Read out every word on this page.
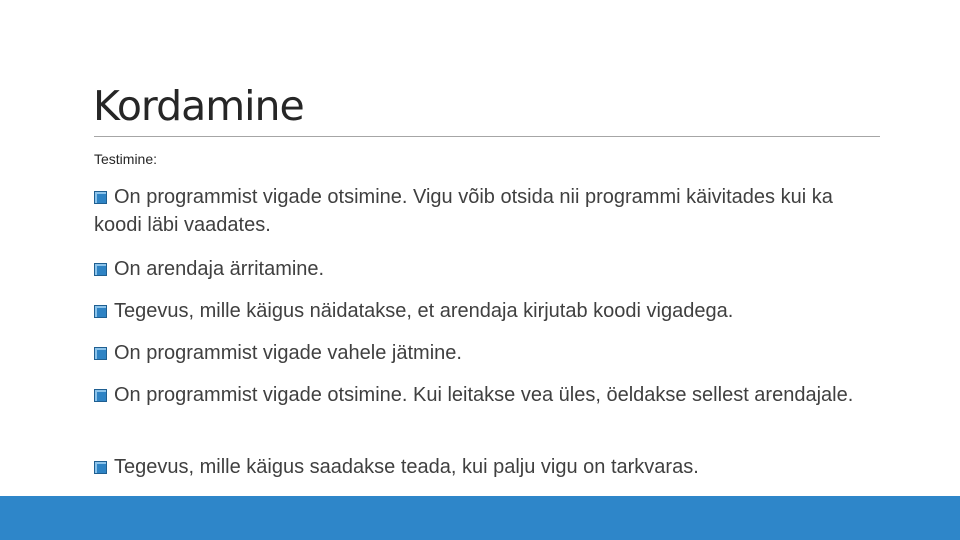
Kordamine
Testimine:
On programmist vigade otsimine. Vigu võib otsida nii programmi käivitades kui ka koodi läbi vaadates.
On arendaja ärritamine.
Tegevus, mille käigus näidatakse, et arendaja kirjutab koodi vigadega.
On programmist vigade vahele jätmine.
On programmist vigade otsimine. Kui leitakse vea üles, öeldakse sellest arendajale.
Tegevus, mille käigus saadakse teada, kui palju vigu on tarkvaras.
